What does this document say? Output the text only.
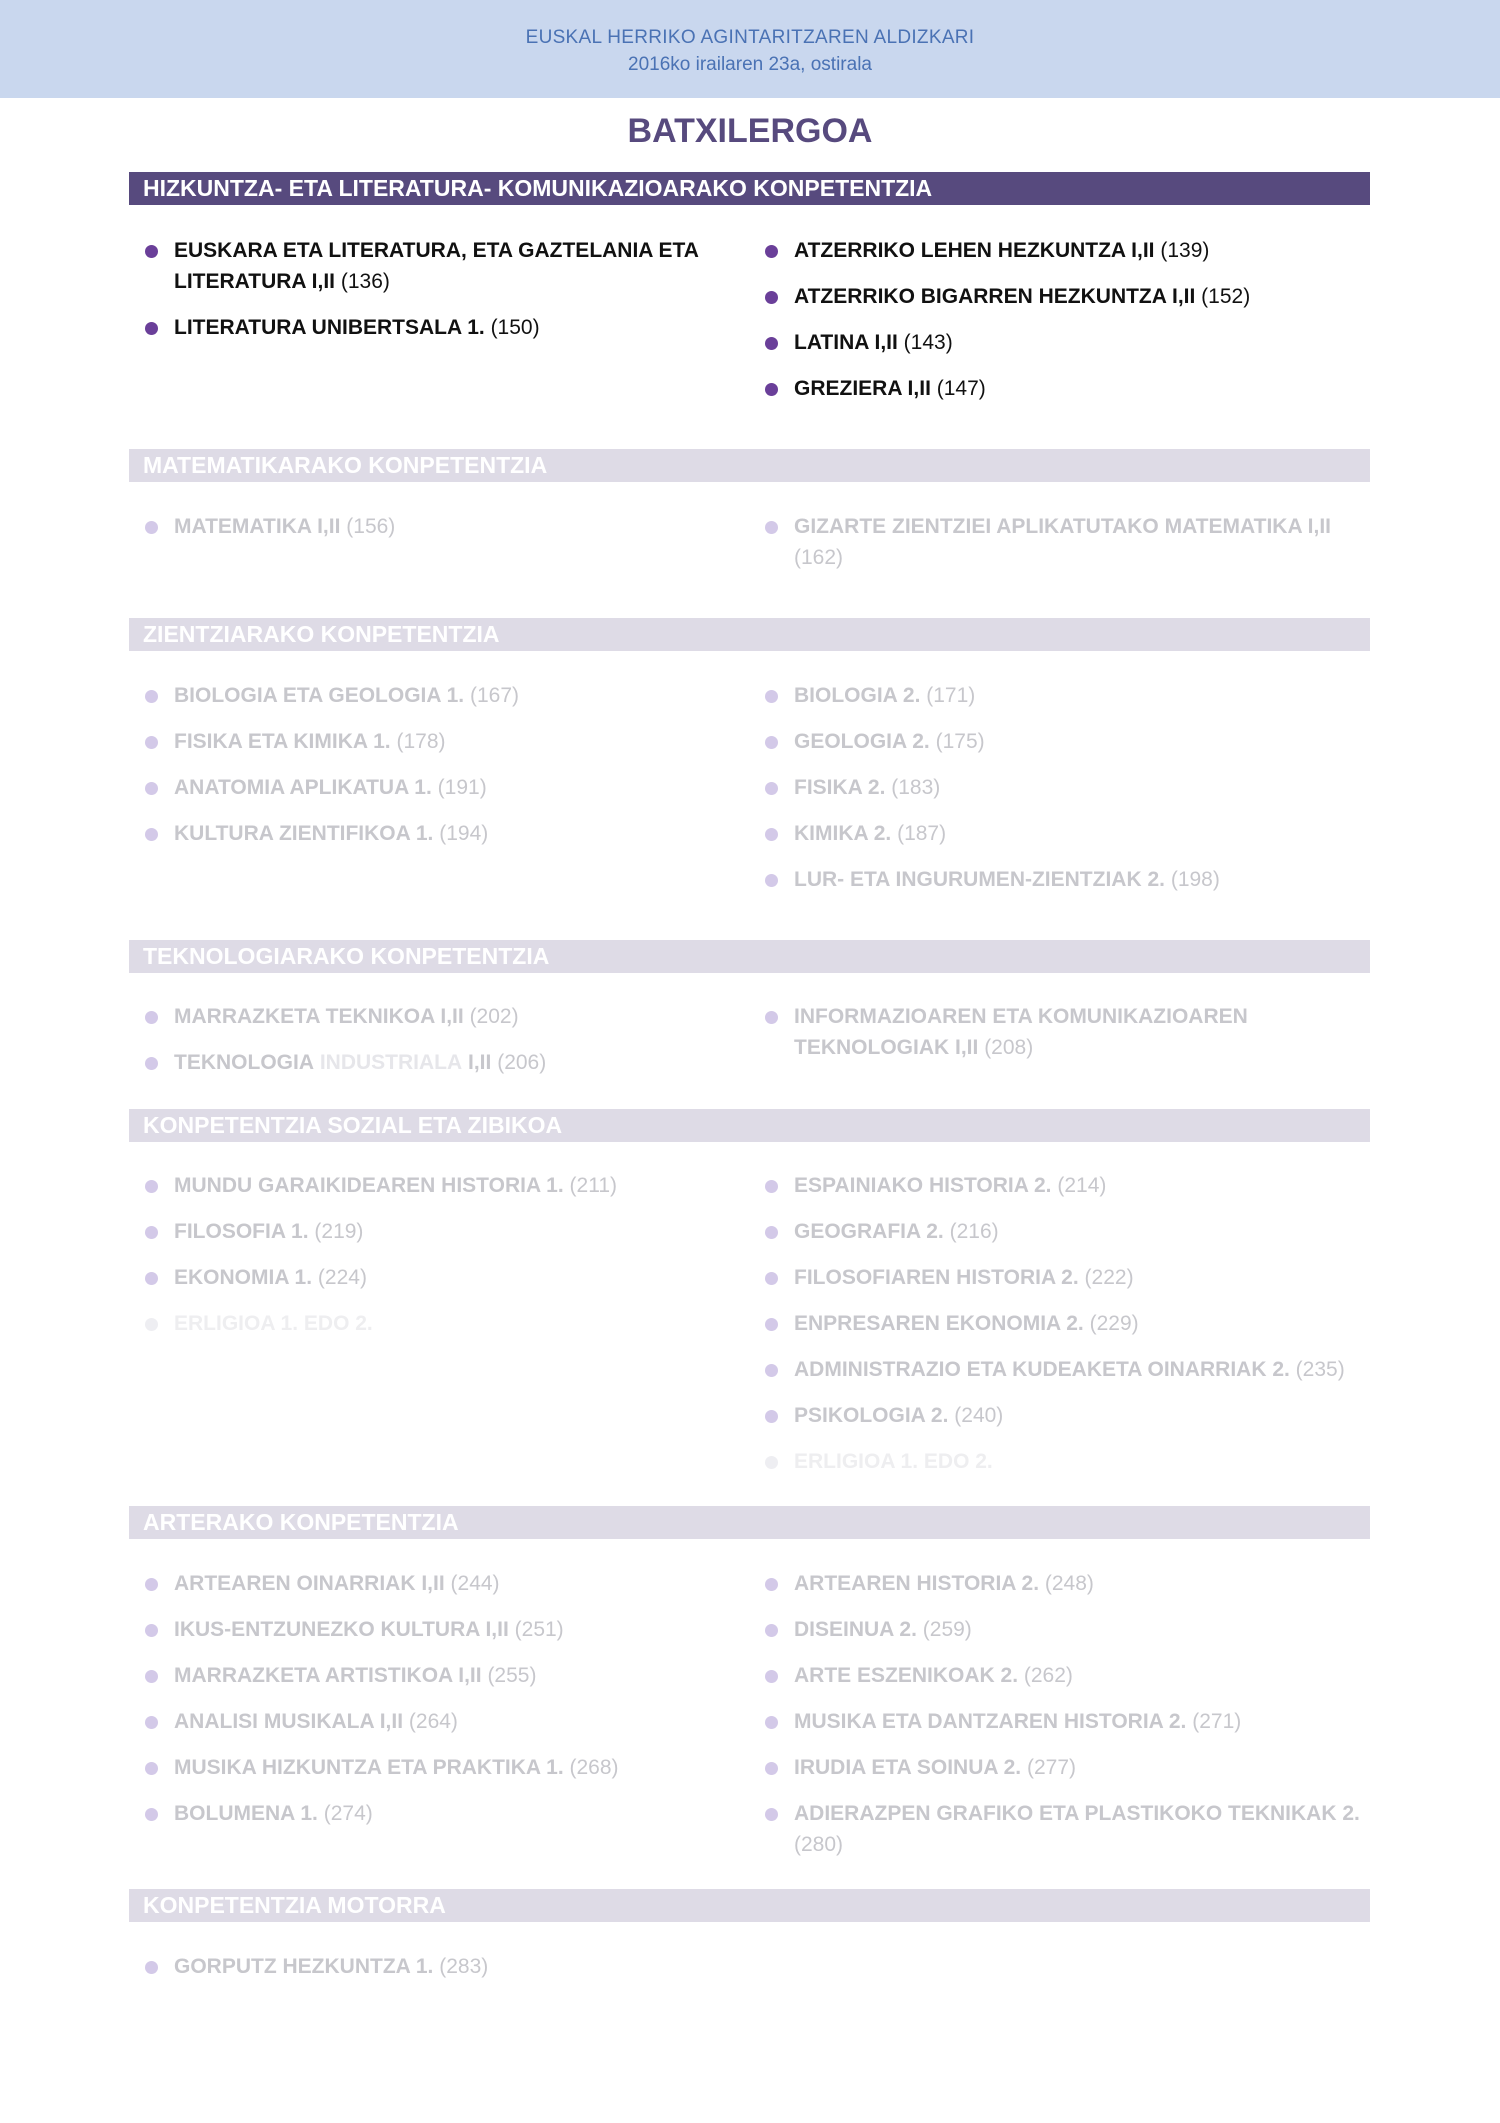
EUSKAL HERRIKO AGINTARITZAREN ALDIZKARI
2016ko irailaren 23a, ostirala
BATXILERGOA
HIZKUNTZA- ETA LITERATURA- KOMUNIKAZIOARAKO KONPETENTZIA
EUSKARA ETA LITERATURA, ETA GAZTELANIA ETA LITERATURA I,II (136)
LITERATURA UNIBERTSALA 1. (150)
ATZERRIKO LEHEN HEZKUNTZA I,II (139)
ATZERRIKO BIGARREN HEZKUNTZA I,II (152)
LATINA I,II (143)
GREZIERA I,II (147)
MATEMATIKARAKO KONPETENTZIA
MATEMATIKA I,II (156)	GIZARTE ZIENTZIEI APLIKATUTAKO MATEMATIKA I,II (162)
ZIENTZIARAKO KONPETENTZIA
BIOLOGIA ETA GEOLOGIA 1. (167)
FISIKA ETA KIMIKA 1. (178)
ANATOMIA APLIKATUA 1. (191)
KULTURA ZIENTIFIKOA 1. (194)
BIOLOGIA 2. (171)
GEOLOGIA 2. (175)
FISIKA 2. (183)
KIMIKA 2. (187)
LUR- ETA INGURUMEN-ZIENTZIAK 2. (198)
TEKNOLOGIARAKO KONPETENTZIA
MARRAZKETA TEKNIKOA I,II (202)
TEKNOLOGIA INDUSTRIALA I,II (206)
INFORMAZIOAREN ETA KOMUNIKAZIOAREN TEKNOLOGIAK I,II (208)
KONPETENTZIA SOZIAL ETA ZIBIKOA
MUNDU GARAIKIDEAREN HISTORIA 1. (211)
FILOSOFIA 1. (219)
EKONOMIA 1. (224)
ERLIGIOA 1. EDO 2.
ESPAINIAKO HISTORIA 2. (214)
GEOGRAFIA 2. (216)
FILOSOFIAREN HISTORIA 2. (222)
ENPRESAREN EKONOMIA 2. (229)
ADMINISTRAZIO ETA KUDEAKETA OINARRIAK 2. (235)
PSIKOLOGIA 2. (240)
ERLIGIOA 1. EDO 2.
ARTERAKO KONPETENTZIA
ARTEAREN OINARRIAK I,II (244)
IKUS-ENTZUNEZKO KULTURA I,II (251)
MARRAZKETA ARTISTIKOA I,II (255)
ANALISI MUSIKALA I,II (264)
MUSIKA HIZKUNTZA ETA PRAKTIKA 1. (268)
BOLUMENA 1. (274)
ARTEAREN HISTORIA 2. (248)
DISEINUA 2. (259)
ARTE ESZENIKOAK 2. (262)
MUSIKA ETA DANTZAREN HISTORIA 2. (271)
IRUDIA ETA SOINUA 2. (277)
ADIERAZPEN GRAFIKO ETA PLASTIKOKO TEKNIKAK 2. (280)
KONPETENTZIA MOTORRA
GORPUTZ HEZKUNTZA 1. (283)
